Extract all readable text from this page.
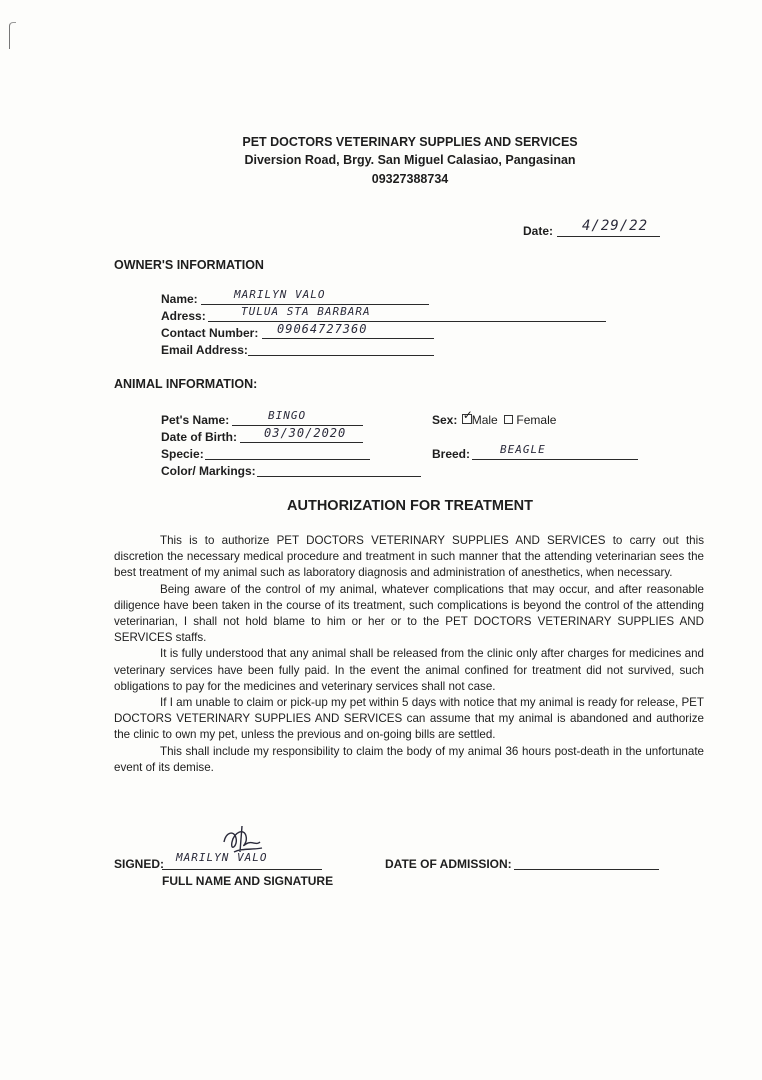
PET DOCTORS VETERINARY SUPPLIES AND SERVICES
Diversion Road, Brgy. San Miguel Calasiao, Pangasinan
09327388734
Date: 4/29/22
OWNER'S INFORMATION
Name:	MARILYN VALO
Adress:	TULUA STA BARBARA
Contact Number: 09064727360
Email Address:
ANIMAL INFORMATION:
Pet's Name:	BINGO
Date of Birth: 03/30/2020
Specie:
Color/ Markings:
Sex: ✓
Male Female
Breed:	BEAGLE
AUTHORIZATION FOR TREATMENT

This is to authorize PET DOCTORS VETERINARY SUPPLIES AND SERVICES to carry out this discretion the necessary medical procedure and treatment in such manner that the attending veterinarian sees the best treatment of my animal such as laboratory diagnosis and administration of anesthetics, when necessary.

Being aware of the control of my animal, whatever complications that may occur, and after reasonable diligence have been taken in the course of its treatment, such complications is beyond the control of the attending veterinarian, I shall not hold blame to him or her or to the PET DOCTORS VETERINARY SUPPLIES AND SERVICES staffs.

It is fully understood that any animal shall be released from the clinic only after charges for medicines and veterinary services have been fully paid. In the event the animal confined for treatment did not survived, such obligations to pay for the medicines and veterinary services shall not case.

If I am unable to claim or pick-up my pet within 5 days with notice that my animal is ready for release, PET DOCTORS VETERINARY SUPPLIES AND SERVICES can assume that my animal is abandoned and authorize the clinic to own my pet, unless the previous and on-going bills are settled.

This shall include my responsibility to claim the body of my animal 36 hours post-death in the unfortunate event of its demise.

SIGNED: MARILYN VALO
FULL NAME AND SIGNATURE
DATE OF ADMISSION:
